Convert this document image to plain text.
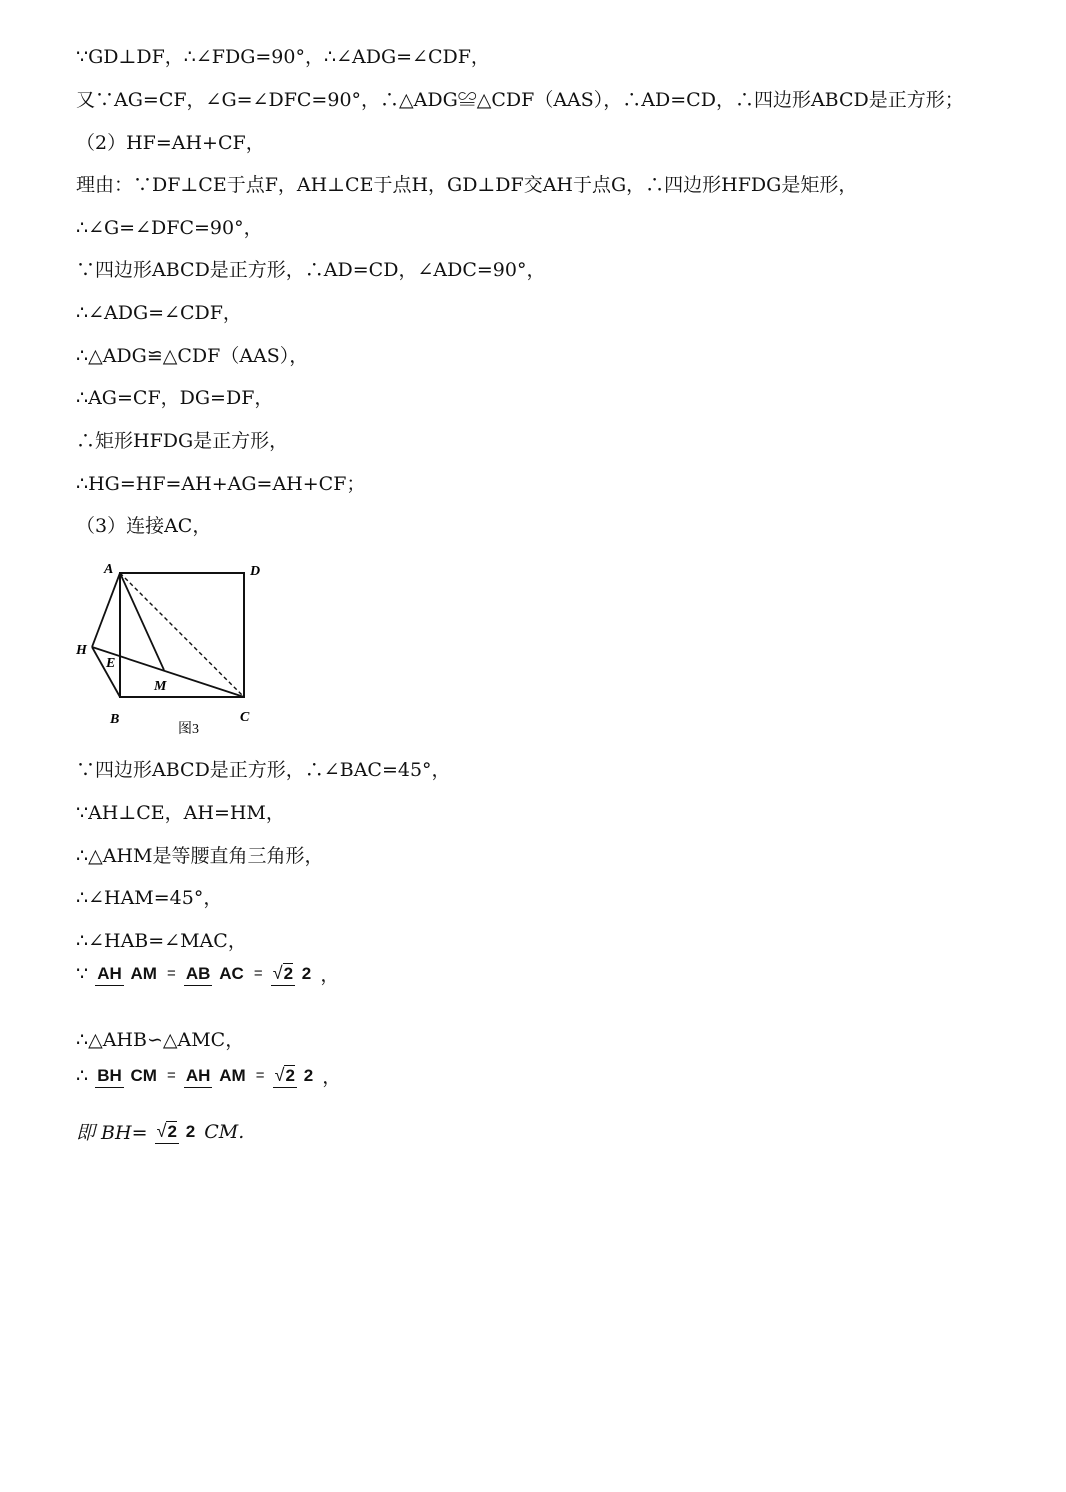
∵GD⊥DF，∴∠FDG=90°，∴∠ADG=∠CDF，
又∵AG=CF，∠G=∠DFC=90°，∴△ADG≌△CDF（AAS），∴AD=CD，∴四边形ABCD是正方形；
（2）HF=AH+CF，
理由：∵DF⊥CE于点F，AH⊥CE于点H，GD⊥DF交AH于点G，∴四边形HFDG是矩形，
∴∠G=∠DFC=90°，
∵四边形ABCD是正方形，∴AD=CD，∠ADC=90°，
∴∠ADG=∠CDF，
∴△ADG≌△CDF（AAS），
∴AG=CF，DG=DF，
∴矩形HFDG是正方形，
∴HG=HF=AH+AG=AH+CF；
（3）连接AC，
A	D
H
E
M
B	C
图3
∵四边形ABCD是正方形，∴∠BAC=45°，
∵AH⊥CE，AH=HM，
∴△AHM是等腰直角三角形，
∴∠HAM=45°，
∴∠HAB=∠MAC，
∵ AH AM = AB AC = √2 2 ，
∴△AHB∽△AMC，
∴ BH CM = AH AM = √2 2 ，
即 BH= √2 2 CM.
